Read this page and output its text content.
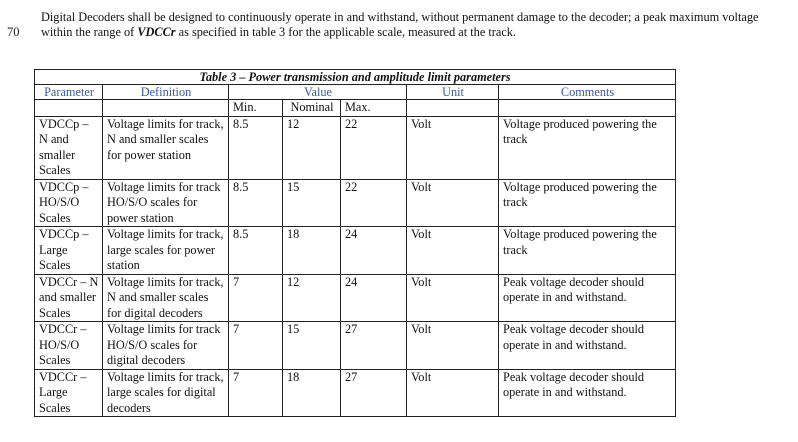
70

Digital Decoders shall be designed to continuously operate in and withstand, without permanent damage to the decoder; a peak maximum voltage within the range of VDCCr as specified in table 3 for the applicable scale, measured at the track.

Table 3 – Power transmission and amplitude limit parameters						
Parameter	Definition	Value			Unit	Comments
		Min.	Nominal	Max.		
VDCCp – N and smaller Scales	Voltage limits for track, N and smaller scales for power station	8.5	12	22	Volt	Voltage produced powering the track
VDCCp – HO/S/O Scales	Voltage limits for track HO/S/O scales for power station	8.5	15	22	Volt	Voltage produced powering the track
VDCCp – Large Scales	Voltage limits for track, large scales for power station	8.5	18	24	Volt	Voltage produced powering the track
VDCCr – N and smaller Scales	Voltage limits for track, N and smaller scales for digital decoders	7	12	24	Volt	Peak voltage decoder should operate in and withstand.
VDCCr – HO/S/O Scales	Voltage limits for track HO/S/O scales for digital decoders	7	15	27	Volt	Peak voltage decoder should operate in and withstand.
VDCCr – Large Scales	Voltage limits for track, large scales for digital decoders	7	18	27	Volt	Peak voltage decoder should operate in and withstand.
